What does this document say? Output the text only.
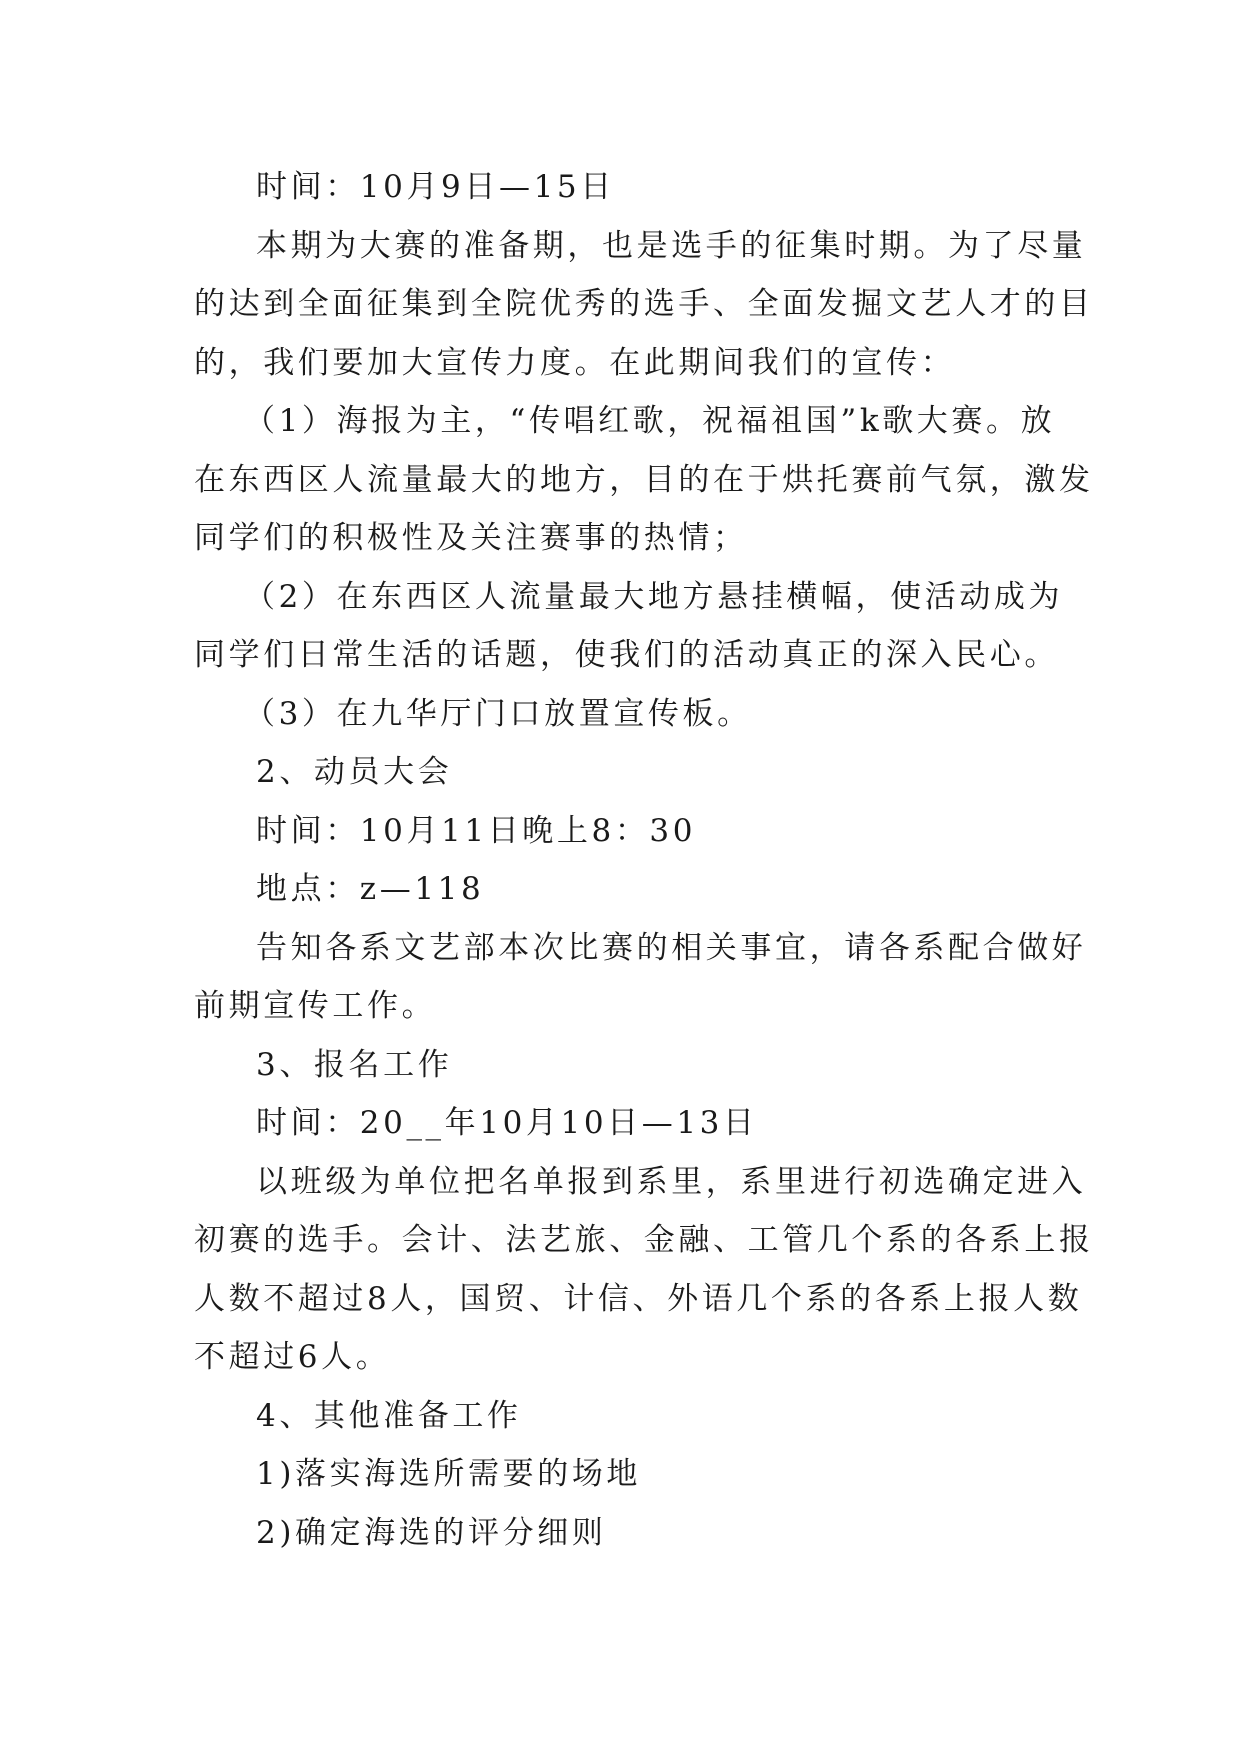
时间：10月9日—15日
本期为大赛的准备期，也是选手的征集时期。为了尽量
的达到全面征集到全院优秀的选手、全面发掘文艺人才的目
的，我们要加大宣传力度。在此期间我们的宣传：
（1）海报为主，“传唱红歌，祝福祖国”k歌大赛。放
在东西区人流量最大的地方，目的在于烘托赛前气氛，激发
同学们的积极性及关注赛事的热情；
（2）在东西区人流量最大地方悬挂横幅，使活动成为
同学们日常生活的话题，使我们的活动真正的深入民心。
（3）在九华厅门口放置宣传板。
2、动员大会
时间：10月11日晚上8：30
地点：z—118
告知各系文艺部本次比赛的相关事宜，请各系配合做好
前期宣传工作。
3、报名工作
时间：20__年10月10日—13日
以班级为单位把名单报到系里，系里进行初选确定进入
初赛的选手。会计、法艺旅、金融、工管几个系的各系上报
人数不超过8人，国贸、计信、外语几个系的各系上报人数
不超过6人。
4、其他准备工作
1)落实海选所需要的场地
2)确定海选的评分细则
